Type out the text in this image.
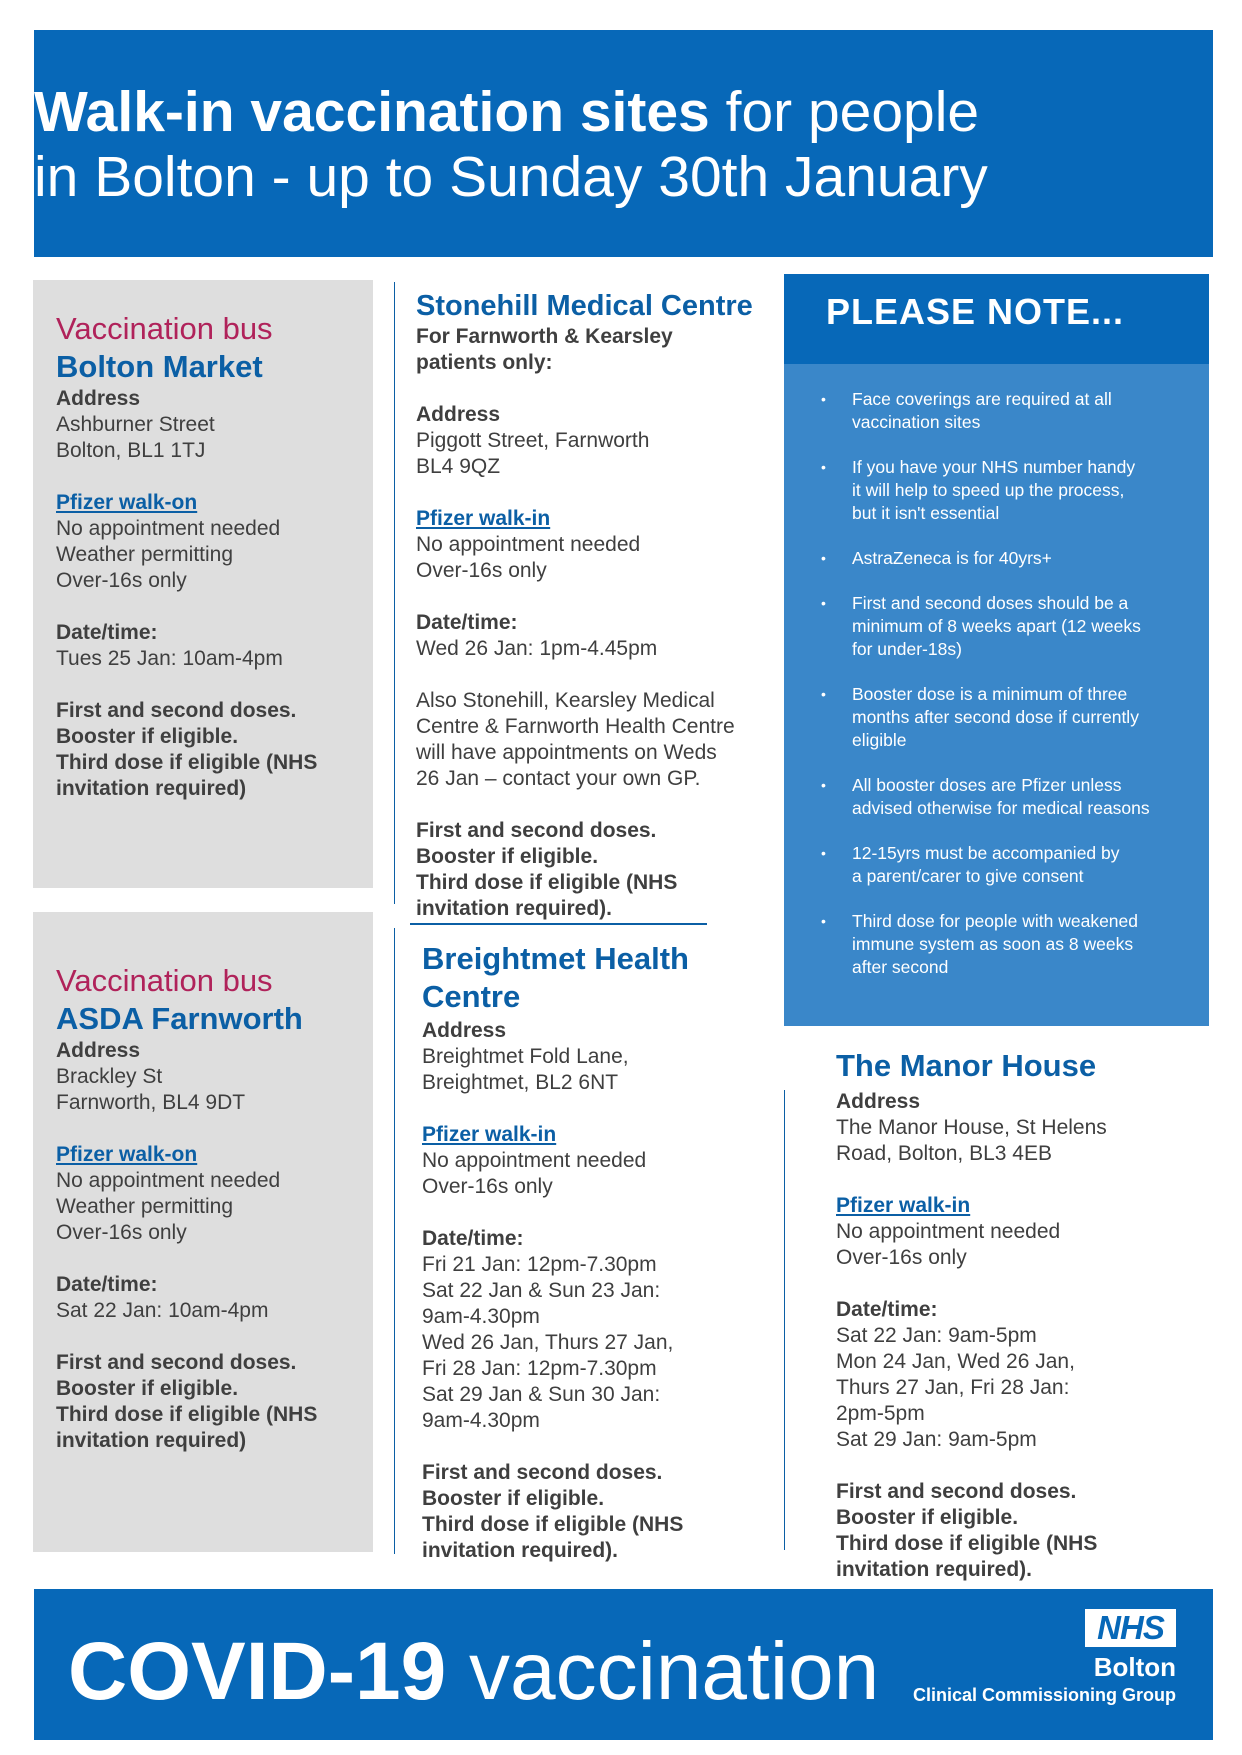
Walk-in vaccination sites for people
in Bolton - up to Sunday 30th January
Vaccination bus
Bolton Market
Address
Ashburner Street
Bolton, BL1 1TJ
Pfizer walk-on
No appointment needed
Weather permitting
Over-16s only
Date/time:
Tues 25 Jan: 10am-4pm
First and second doses.
Booster if eligible.
Third dose if eligible (NHS
invitation required)
Vaccination bus
ASDA Farnworth
Address
Brackley St
Farnworth, BL4 9DT
Pfizer walk-on
No appointment needed
Weather permitting
Over-16s only
Date/time:
Sat 22 Jan: 10am-4pm
First and second doses.
Booster if eligible.
Third dose if eligible (NHS
invitation required)
Stonehill Medical Centre
For Farnworth & Kearsley
patients only:
Address
Piggott Street, Farnworth
BL4 9QZ
Pfizer walk-in
No appointment needed
Over-16s only
Date/time:
Wed 26 Jan: 1pm-4.45pm
Also Stonehill, Kearsley Medical
Centre & Farnworth Health Centre
will have appointments on Weds
26 Jan – contact your own GP.
First and second doses.
Booster if eligible.
Third dose if eligible (NHS
invitation required).
Breightmet Health
Centre
Address
Breightmet Fold Lane,
Breightmet, BL2 6NT
Pfizer walk-in
No appointment needed
Over-16s only
Date/time:
Fri 21 Jan: 12pm-7.30pm
Sat 22 Jan & Sun 23 Jan:
9am-4.30pm
Wed 26 Jan, Thurs 27 Jan,
Fri 28 Jan: 12pm-7.30pm
Sat 29 Jan & Sun 30 Jan:
9am-4.30pm
First and second doses.
Booster if eligible.
Third dose if eligible (NHS
invitation required).
PLEASE NOTE...
• Face coverings are required at all
vaccination sites
• If you have your NHS number handy
it will help to speed up the process,
but it isn't essential
• AstraZeneca is for 40yrs+
• First and second doses should be a
minimum of 8 weeks apart (12 weeks
for under-18s)
• Booster dose is a minimum of three
months after second dose if currently
eligible
• All booster doses are Pfizer unless
advised otherwise for medical reasons
• 12-15yrs must be accompanied by
a parent/carer to give consent
• Third dose for people with weakened
immune system as soon as 8 weeks
after second
The Manor House
Address
The Manor House, St Helens
Road, Bolton, BL3 4EB
Pfizer walk-in
No appointment needed
Over-16s only
Date/time:
Sat 22 Jan: 9am-5pm
Mon 24 Jan, Wed 26 Jan,
Thurs 27 Jan, Fri 28 Jan:
2pm-5pm
Sat 29 Jan: 9am-5pm
First and second doses.
Booster if eligible.
Third dose if eligible (NHS
invitation required).
COVID-19 vaccination	NHS

Bolton

Clinical Commissioning Group
